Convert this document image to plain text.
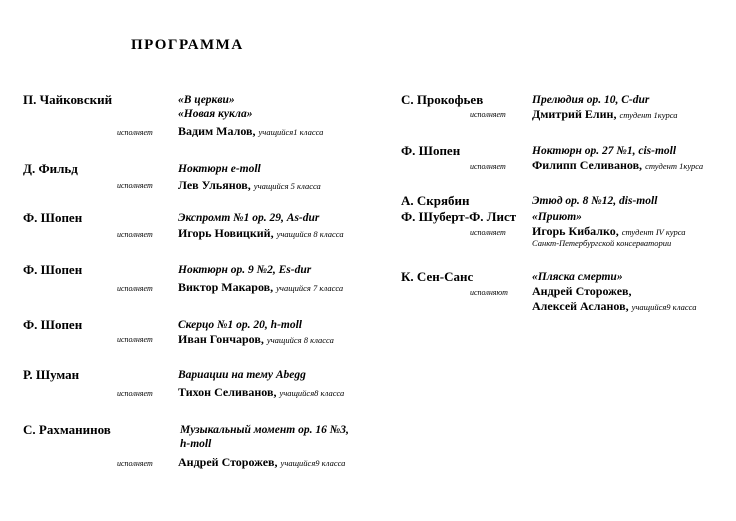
ПРОГРАММА
П. Чайковский	«В церкви»
«Новая кукла»
исполняет Вадим Малов, учащийся1 класса
Д. Фильд	Ноктюрн e-moll
исполняет Лев Ульянов, учащийся 5 класса
Ф. Шопен	Экспромт №1 ор. 29, As-dur
исполняет Игорь Новицкий, учащийся 8 класса
Ф. Шопен	Ноктюрн ор. 9 №2, Es-dur
исполняет Виктор Макаров, учащийся 7 класса
Ф. Шопен	Скерцо №1 ор. 20, h-moll
исполняет Иван Гончаров, учащийся 8 класса
Р. Шуман	Вариации на тему Abegg
исполняет Тихон Селиванов, учащийся8 класса
С. Рахманинов	Музыкальный момент ор. 16 №3,
h-moll
исполняет Андрей Сторожев, учащийся9 класса
С. Прокофьев	Прелюдия ор. 10, C-dur
исполняет Дмитрий Елин, студент 1курса
Ф. Шопен	Ноктюрн ор. 27 №1, cis-moll
исполняет Филипп Селиванов, студент 1курса
А. Скрябин	Этюд ор. 8 №12, dis-moll
Ф. Шуберт-Ф. Лист «Приют»
исполняет Игорь Кибалко, студент IV курса
Санкт-Петербургской консерватории
К. Сен-Санс	«Пляска смерти»
исполняют Андрей Сторожев,
Алексей Асланов, учащийся9 класса
